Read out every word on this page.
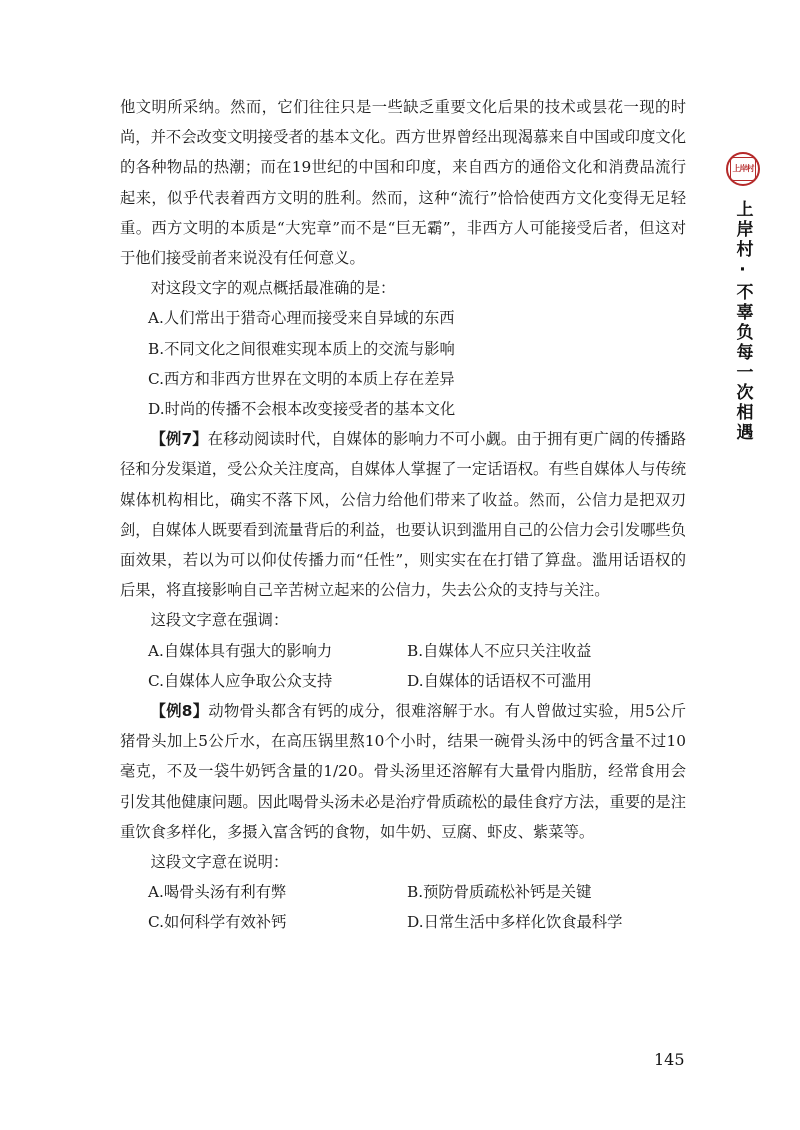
他文明所采纳。然而，它们往往只是一些缺乏重要文化后果的技术或昙花一现的时尚，并不会改变文明接受者的基本文化。西方世界曾经出现渴慕来自中国或印度文化的各种物品的热潮；而在19世纪的中国和印度，来自西方的通俗文化和消费品流行起来，似乎代表着西方文明的胜利。然而，这种“流行”恰恰使西方文化变得无足轻重。西方文明的本质是“大宪章”而不是“巨无霸”，非西方人可能接受后者，但这对于他们接受前者来说没有任何意义。

对这段文字的观点概括最准确的是：

A.人们常出于猎奇心理而接受来自异域的东西

B.不同文化之间很难实现本质上的交流与影响

C.西方和非西方世界在文明的本质上存在差异

D.时尚的传播不会根本改变接受者的基本文化

【例7】在移动阅读时代，自媒体的影响力不可小觑。由于拥有更广阔的传播路径和分发渠道，受公众关注度高，自媒体人掌握了一定话语权。有些自媒体人与传统媒体机构相比，确实不落下风，公信力给他们带来了收益。然而，公信力是把双刃剑，自媒体人既要看到流量背后的利益，也要认识到滥用自己的公信力会引发哪些负面效果，若以为可以仰仗传播力而“任性”，则实实在在打错了算盘。滥用话语权的后果，将直接影响自己辛苦树立起来的公信力，失去公众的支持与关注。

这段文字意在强调：

A.自媒体具有强大的影响力	B.自媒体人不应只关注收益
C.自媒体人应争取公众支持	D.自媒体的话语权不可滥用

【例8】动物骨头都含有钙的成分，很难溶解于水。有人曾做过实验，用5公斤猪骨头加上5公斤水，在高压锅里熬10个小时，结果一碗骨头汤中的钙含量不过10毫克，不及一袋牛奶钙含量的1/20。骨头汤里还溶解有大量骨内脂肪，经常食用会引发其他健康问题。因此喝骨头汤未必是治疗骨质疏松的最佳食疗方法，重要的是注重饮食多样化，多摄入富含钙的食物，如牛奶、豆腐、虾皮、紫菜等。

这段文字意在说明：

A.喝骨头汤有利有弊	B.预防骨质疏松补钙是关键
C.如何科学有效补钙	D.日常生活中多样化饮食最科学
上岸村
上岸村·不辜负每一次相遇
145
